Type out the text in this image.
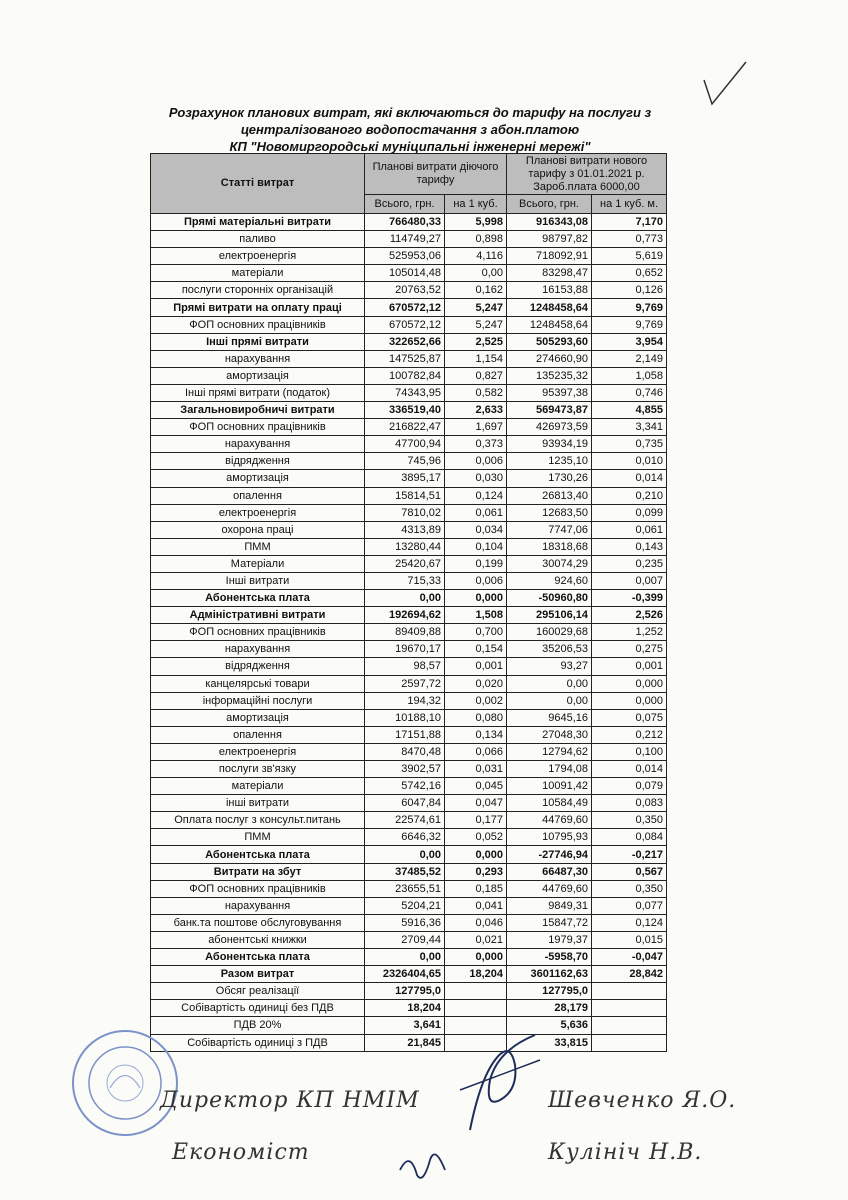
Розрахунок планових витрат, які включаються до тарифу на послуги з
централізованого водопостачання з абон.платою
КП "Новомиргородські муніципальні інженерні мережі"
Статті витрат	Планові витрати діючого тарифу		Планові витрати нового тарифу з 01.01.2021 р. Зароб.плата 6000,00	
	Всього, грн.	на 1 куб.	Всього, грн.	на 1 куб. м.
Прямі матеріальні витрати	766480,33	5,998	916343,08	7,170
паливо	114749,27	0,898	98797,82	0,773
електроенергія	525953,06	4,116	718092,91	5,619
матеріали	105014,48	0,00	83298,47	0,652
послуги сторонніх організацій	20763,52	0,162	16153,88	0,126
Прямі витрати на оплату праці	670572,12	5,247	1248458,64	9,769
ФОП основних працівників	670572,12	5,247	1248458,64	9,769
Інші прямі витрати	322652,66	2,525	505293,60	3,954
нарахування	147525,87	1,154	274660,90	2,149
амортизація	100782,84	0,827	135235,32	1,058
Інші прямі витрати (податок)	74343,95	0,582	95397,38	0,746
Загальновиробничі витрати	336519,40	2,633	569473,87	4,855
ФОП основних працівників	216822,47	1,697	426973,59	3,341
нарахування	47700,94	0,373	93934,19	0,735
відрядження	745,96	0,006	1235,10	0,010
амортизація	3895,17	0,030	1730,26	0,014
опалення	15814,51	0,124	26813,40	0,210
електроенергія	7810,02	0,061	12683,50	0,099
охорона праці	4313,89	0,034	7747,06	0,061
ПММ	13280,44	0,104	18318,68	0,143
Матеріали	25420,67	0,199	30074,29	0,235
Інші витрати	715,33	0,006	924,60	0,007
Абонентська плата	0,00	0,000	-50960,80	-0,399
Адміністративні витрати	192694,62	1,508	295106,14	2,526
ФОП основних працівників	89409,88	0,700	160029,68	1,252
нарахування	19670,17	0,154	35206,53	0,275
відрядження	98,57	0,001	93,27	0,001
канцелярські товари	2597,72	0,020	0,00	0,000
інформаційні послуги	194,32	0,002	0,00	0,000
амортизація	10188,10	0,080	9645,16	0,075
опалення	17151,88	0,134	27048,30	0,212
електроенергія	8470,48	0,066	12794,62	0,100
послуги зв'язку	3902,57	0,031	1794,08	0,014
матеріали	5742,16	0,045	10091,42	0,079
інші витрати	6047,84	0,047	10584,49	0,083
Оплата послуг з консульт.питань	22574,61	0,177	44769,60	0,350
ПММ	6646,32	0,052	10795,93	0,084
Абонентська плата	0,00	0,000	-27746,94	-0,217
Витрати на збут	37485,52	0,293	66487,30	0,567
ФОП основних працівників	23655,51	0,185	44769,60	0,350
нарахування	5204,21	0,041	9849,31	0,077
банк.та поштове обслуговування	5916,36	0,046	15847,72	0,124
абонентські книжки	2709,44	0,021	1979,37	0,015
Абонентська плата	0,00	0,000	-5958,70	-0,047
Разом витрат	2326404,65	18,204	3601162,63	28,842
Обсяг реалізації	127795,0		127795,0	
Собівартість одиниці без ПДВ	18,204		28,179	
ПДВ 20%	3,641		5,636	
Собівартість одиниці з ПДВ	21,845		33,815	
Директор КП НМІМ	Шевченко Я.О.
Економіст	Кулініч Н.В.
